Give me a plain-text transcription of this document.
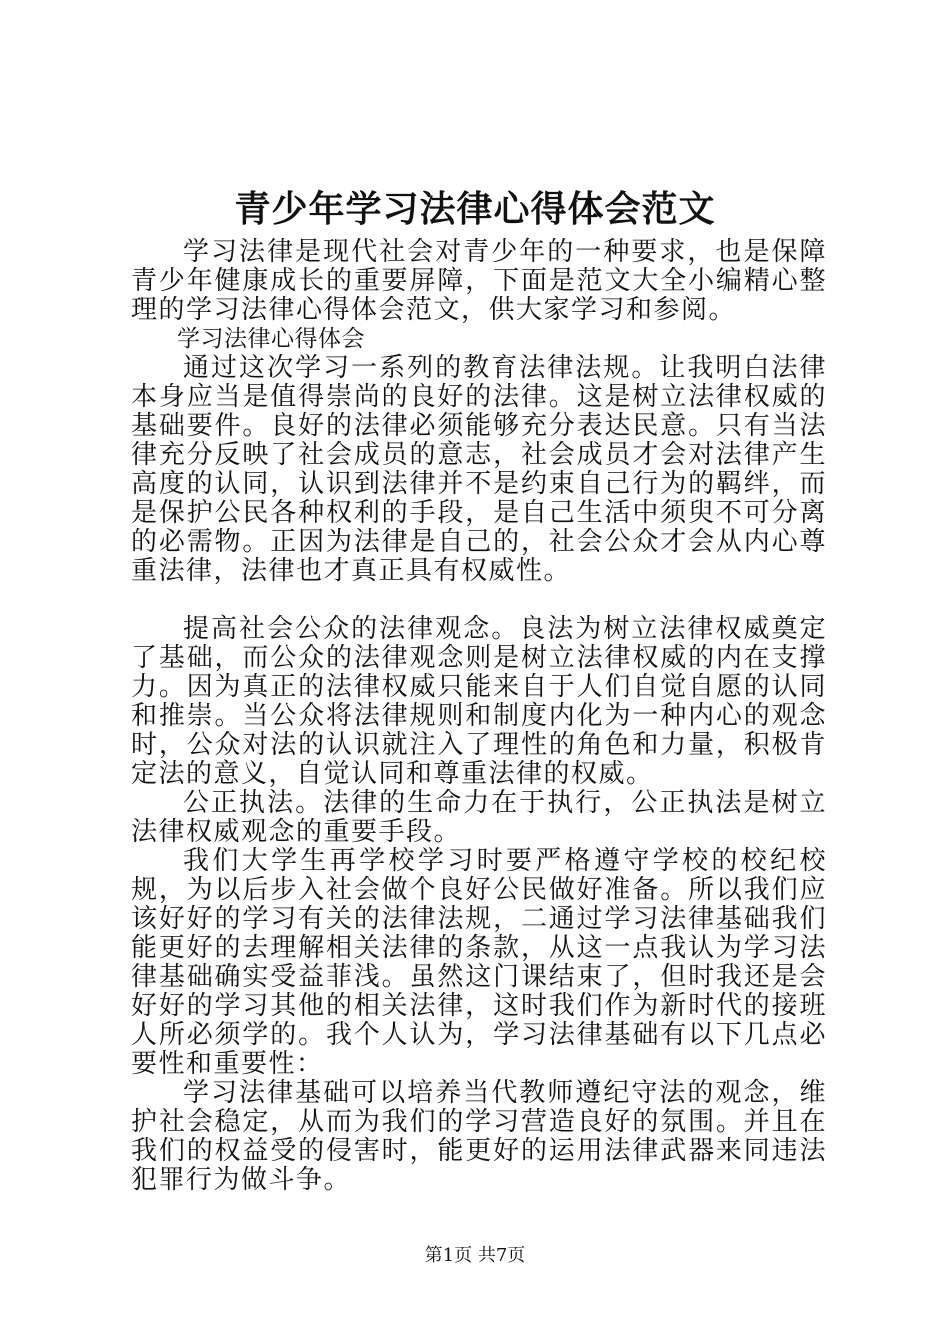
青少年学习法律心得体会范文

学习法律是现代社会对青少年的一种要求，也是保障青少年健康成长的重要屏障，下面是范文大全小编精心整理的学习法律心得体会范文，供大家学习和参阅。

学习法律心得体会

通过这次学习一系列的教育法律法规。让我明白法律本身应当是值得崇尚的良好的法律。这是树立法律权威的基础要件。良好的法律必须能够充分表达民意。只有当法律充分反映了社会成员的意志，社会成员才会对法律产生高度的认同，认识到法律并不是约束自己行为的羁绊，而是保护公民各种权利的手段，是自己生活中须臾不可分离的必需物。正因为法律是自己的，社会公众才会从内心尊重法律，法律也才真正具有权威性。

提高社会公众的法律观念。良法为树立法律权威奠定了基础，而公众的法律观念则是树立法律权威的内在支撑力。因为真正的法律权威只能来自于人们自觉自愿的认同和推崇。当公众将法律规则和制度内化为一种内心的观念时，公众对法的认识就注入了理性的角色和力量，积极肯定法的意义，自觉认同和尊重法律的权威。

公正执法。法律的生命力在于执行，公正执法是树立法律权威观念的重要手段。

我们大学生再学校学习时要严格遵守学校的校纪校规，为以后步入社会做个良好公民做好准备。所以我们应该好好的学习有关的法律法规，二通过学习法律基础我们能更好的去理解相关法律的条款，从这一点我认为学习法律基础确实受益菲浅。虽然这门课结束了，但时我还是会好好的学习其他的相关法律，这时我们作为新时代的接班人所必须学的。我个人认为，学习法律基础有以下几点必要性和重要性：

学习法律基础可以培养当代教师遵纪守法的观念，维护社会稳定，从而为我们的学习营造良好的氛围。并且在我们的权益受的侵害时，能更好的运用法律武器来同违法犯罪行为做斗争。

第1页 共7页
